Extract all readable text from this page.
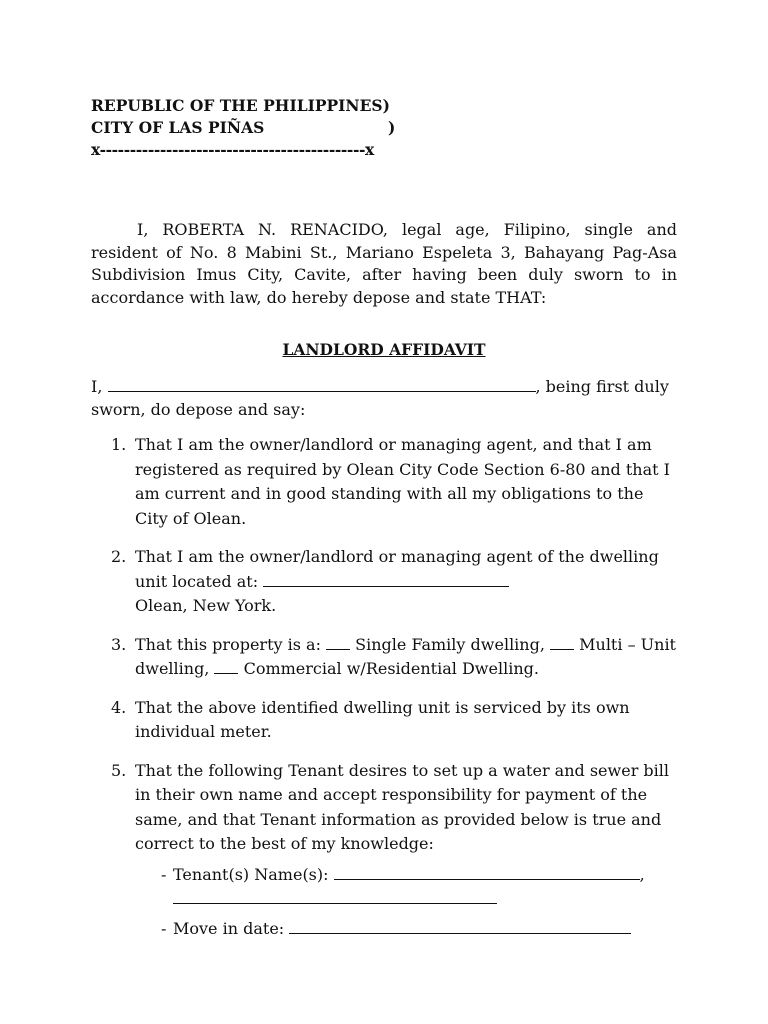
REPUBLIC OF THE PHILIPPINES)
CITY OF LAS PIÑAS	)
x--------------------------------------------x

I, ROBERTA N. RENACIDO, legal age, Filipino, single and resident of No. 8 Mabini St., Mariano Espeleta 3, Bahayang Pag-Asa Subdivision Imus City, Cavite, after having been duly sworn to in accordance with law, do hereby depose and state THAT:

LANDLORD AFFIDAVIT
I,	, being first duly sworn, do depose and say:
1. That I am the owner/landlord or managing agent, and that I am registered as required by Olean City Code Section 6-80 and that I am current and in good standing with all my obligations to the City of Olean.

2. That I am the owner/landlord or managing agent of the dwelling unit located at:
Olean, New York.

3. That this property is a: Single Family dwelling, Multi – Unit dwelling, Commercial w/Residential Dwelling.

4. That the above identified dwelling unit is serviced by its own individual meter.

5. That the following Tenant desires to set up a water and sewer bill in their own name and accept responsibility for payment of the same, and that Tenant information as provided below is true and correct to the best of my knowledge:

- Tenant(s) Name(s):	,

- Move in date:
